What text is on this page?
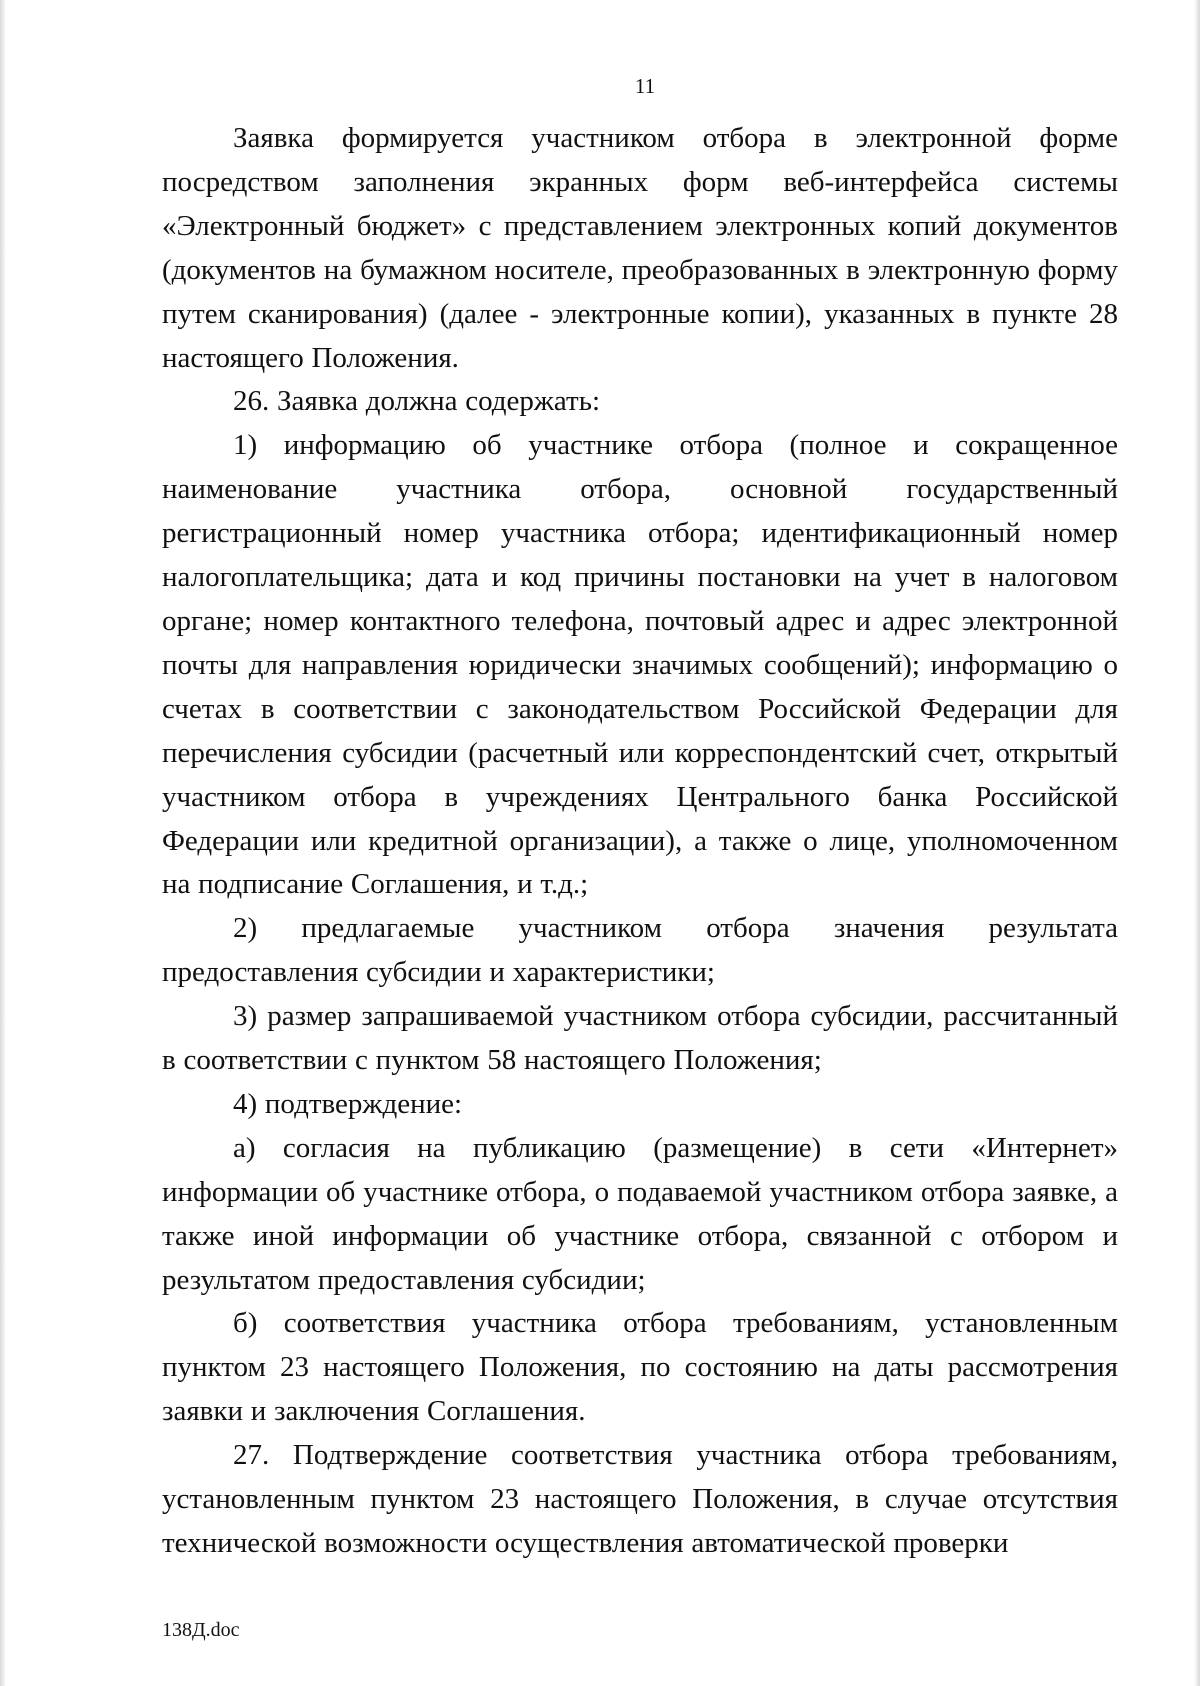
11

Заявка формируется участником отбора в электронной форме посредством заполнения экранных форм веб-интерфейса системы «Электронный бюджет» с представлением электронных копий документов (документов на бумажном носителе, преобразованных в электронную форму путем сканирования) (далее - электронные копии), указанных в пункте 28 настоящего Положения.

26. Заявка должна содержать:

1) информацию об участнике отбора (полное и сокращенное наименование участника отбора, основной государственный регистрационный номер участника отбора; идентификационный номер налогоплательщика; дата и код причины постановки на учет в налоговом органе; номер контактного телефона, почтовый адрес и адрес электронной почты для направления юридически значимых сообщений); информацию о счетах в соответствии с законодательством Российской Федерации для перечисления субсидии (расчетный или корреспондентский счет, открытый участником отбора в учреждениях Центрального банка Российской Федерации или кредитной организации), а также о лице, уполномоченном на подписание Соглашения, и т.д.;

2) предлагаемые участником отбора значения результата предоставления субсидии и характеристики;

3) размер запрашиваемой участником отбора субсидии, рассчитанный в соответствии с пунктом 58 настоящего Положения;

4) подтверждение:

а) согласия на публикацию (размещение) в сети «Интернет» информации об участнике отбора, о подаваемой участником отбора заявке, а также иной информации об участнике отбора, связанной с отбором и результатом предоставления субсидии;

б) соответствия участника отбора требованиям, установленным пунктом 23 настоящего Положения, по состоянию на даты рассмотрения заявки и заключения Соглашения.

27. Подтверждение соответствия участника отбора требованиям, установленным пунктом 23 настоящего Положения, в случае отсутствия технической возможности осуществления автоматической проверки

138Д.doc
